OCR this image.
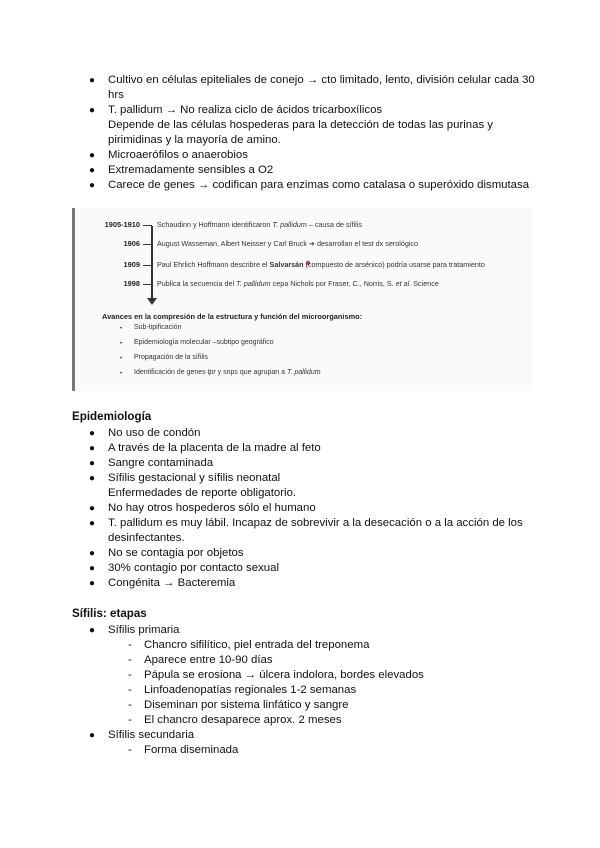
● Cultivo en células epiteliales de conejo → cto limitado, lento, división celular cada 30
hrs
● T. pallidum → No realiza ciclo de ácidos tricarboxílicos
Depende de las células hospederas para la detección de todas las purinas y
pirimidinas y la mayoría de amino.
● Microaerófilos o anaerobios
● Extremadamente sensibles a O2
● Carece de genes → codifican para enzimas como catalasa o superóxido dismutasa
1905-1910 Schaudinn y Hoffmann identificaron T. pallidum – causa de sífilis
1906 August Wasseman, Albert Neisser y Carl Bruck ➔ desarrollan el test dx serológico
1909 Paul Ehrlich Hoffmann describre el Salvarsán (compuesto de arsénico) podría usarse para tratamiento
1998 Publica la secuencia del T. pallidum cepa Nichols por Fraser, C., Norris, S. et al. Science
Avances en la compresión de la estructura y función del microorganismo:
• Sub-tipificación
• Epidemiología molecular –subtipo geográfico
• Propagación de la sífilis
• Identificación de genes tpr y snps que agrupan a T. pallidum
Epidemiología
● No uso de condón
● A través de la placenta de la madre al feto
● Sangre contaminada
● Sífilis gestacional y sífilis neonatal
Enfermedades de reporte obligatorio.
● No hay otros hospederos sólo el humano
● T. pallidum es muy lábil. Incapaz de sobrevivir a la desecación o a la acción de los
desinfectantes.
● No se contagia por objetos
● 30% contagio por contacto sexual
● Congénita → Bacteremia
Sífilis: etapas
● Sífilis primaria
- Chancro sifilítico, piel entrada del treponema
- Aparece entre 10-90 días
- Pápula se erosiona → úlcera indolora, bordes elevados
- Linfoadenopatías regionales 1-2 semanas
- Diseminan por sistema linfático y sangre
- El chancro desaparece aprox. 2 meses
● Sífilis secundaria
- Forma diseminada
